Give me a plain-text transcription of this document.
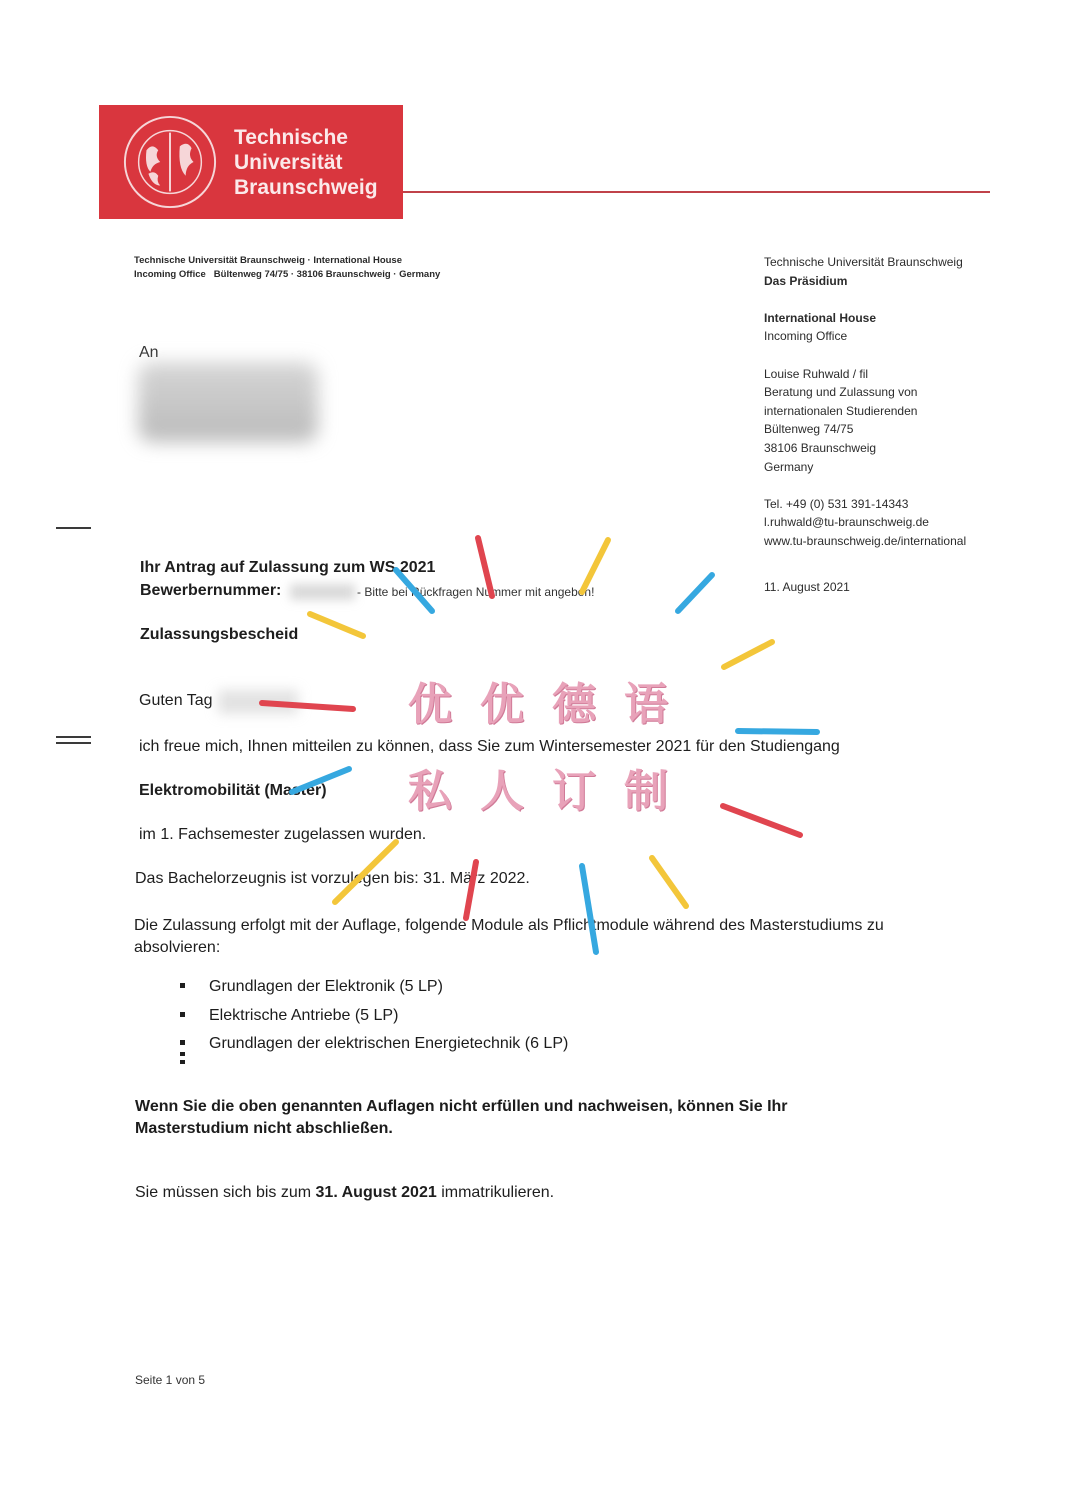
Technische
Universität
Braunschweig
Technische Universität Braunschweig · International House
Incoming Office Bültenweg 74/75 · 38106 Braunschweig · Germany
An
Technische Universität Braunschweig
Das Präsidium
International House
Incoming Office
Louise Ruhwald / fil
Beratung und Zulassung von
internationalen Studierenden
Bültenweg 74/75
38106 Braunschweig
Germany
Tel. +49 (0) 531 391-14343
l.ruhwald@tu-braunschweig.de
www.tu-braunschweig.de/international
11. August 2021
Ihr Antrag auf Zulassung zum WS 2021
Bewerbernummer:	- Bitte bei Rückfragen Nummer mit angeben!
Zulassungsbescheid
Guten Tag
ich freue mich, Ihnen mitteilen zu können, dass Sie zum Wintersemester 2021 für den Studiengang
Elektromobilität (Master)
im 1. Fachsemester zugelassen wurden.
Das Bachelorzeugnis ist vorzulegen bis: 31. März 2022.
Die Zulassung erfolgt mit der Auflage, folgende Module als Pflichtmodule während des Masterstudiums zu absolvieren:
Grundlagen der Elektronik (5 LP)
Elektrische Antriebe (5 LP)
Grundlagen der elektrischen Energietechnik (6 LP)
Wenn Sie die oben genannten Auflagen nicht erfüllen und nachweisen, können Sie Ihr Masterstudium nicht abschließen.
Sie müssen sich bis zum 31. August 2021 immatrikulieren.
Seite 1 von 5
优优德语
私人订制
